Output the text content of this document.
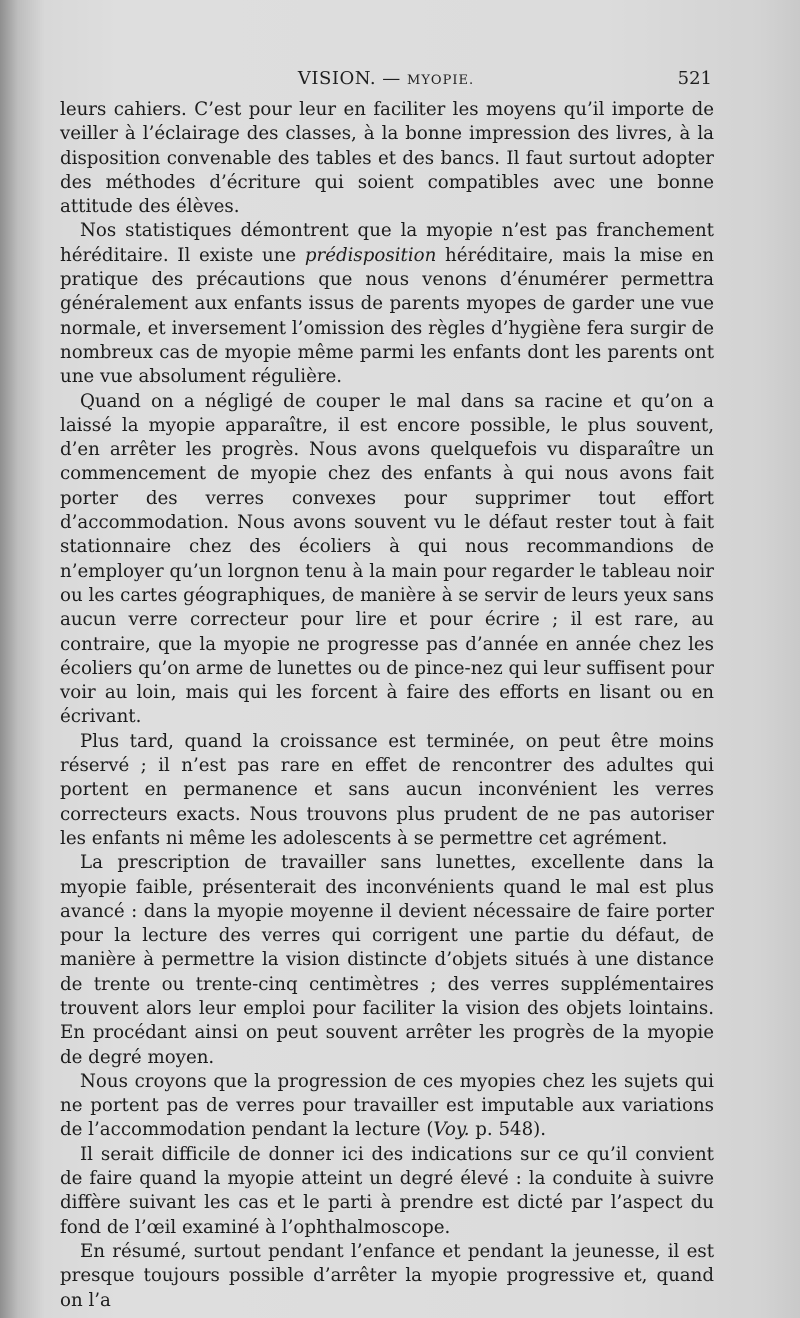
VISION. — MYOPIE.	521

leurs cahiers. C’est pour leur en faciliter les moyens qu’il importe de veiller à l’éclairage des classes, à la bonne impression des livres, à la disposition convenable des tables et des bancs. Il faut surtout adopter des méthodes d’écriture qui soient compatibles avec une bonne attitude des élèves.

Nos statistiques démontrent que la myopie n’est pas franchement héréditaire. Il existe une prédisposition héréditaire, mais la mise en pratique des précautions que nous venons d’énumérer permettra généralement aux enfants issus de parents myopes de garder une vue normale, et inversement l’omission des règles d’hygiène fera surgir de nombreux cas de myopie même parmi les enfants dont les parents ont une vue absolument régulière.

Quand on a négligé de couper le mal dans sa racine et qu’on a laissé la myopie apparaître, il est encore possible, le plus souvent, d’en arrêter les progrès. Nous avons quelquefois vu disparaître un commencement de myopie chez des enfants à qui nous avons fait porter des verres convexes pour supprimer tout effort d’accommodation. Nous avons souvent vu le défaut rester tout à fait stationnaire chez des écoliers à qui nous recommandions de n’employer qu’un lorgnon tenu à la main pour regarder le tableau noir ou les cartes géographiques, de manière à se servir de leurs yeux sans aucun verre correcteur pour lire et pour écrire ; il est rare, au contraire, que la myopie ne progresse pas d’année en année chez les écoliers qu’on arme de lunettes ou de pince-nez qui leur suffisent pour voir au loin, mais qui les forcent à faire des efforts en lisant ou en écrivant.

Plus tard, quand la croissance est terminée, on peut être moins réservé ; il n’est pas rare en effet de rencontrer des adultes qui portent en permanence et sans aucun inconvénient les verres correcteurs exacts. Nous trouvons plus prudent de ne pas autoriser les enfants ni même les adolescents à se permettre cet agrément.

La prescription de travailler sans lunettes, excellente dans la myopie faible, présenterait des inconvénients quand le mal est plus avancé : dans la myopie moyenne il devient nécessaire de faire porter pour la lecture des verres qui corrigent une partie du défaut, de manière à permettre la vision distincte d’objets situés à une distance de trente ou trente-cinq centimètres ; des verres supplémentaires trouvent alors leur emploi pour faciliter la vision des objets lointains. En procédant ainsi on peut souvent arrêter les progrès de la myopie de degré moyen.

Nous croyons que la progression de ces myopies chez les sujets qui ne portent pas de verres pour travailler est imputable aux variations de l’accommodation pendant la lecture (Voy. p. 548).

Il serait difficile de donner ici des indications sur ce qu’il convient de faire quand la myopie atteint un degré élevé : la conduite à suivre diffère suivant les cas et le parti à prendre est dicté par l’aspect du fond de l’œil examiné à l’ophthalmoscope.

En résumé, surtout pendant l’enfance et pendant la jeunesse, il est presque toujours possible d’arrêter la myopie progressive et, quand on l’a
